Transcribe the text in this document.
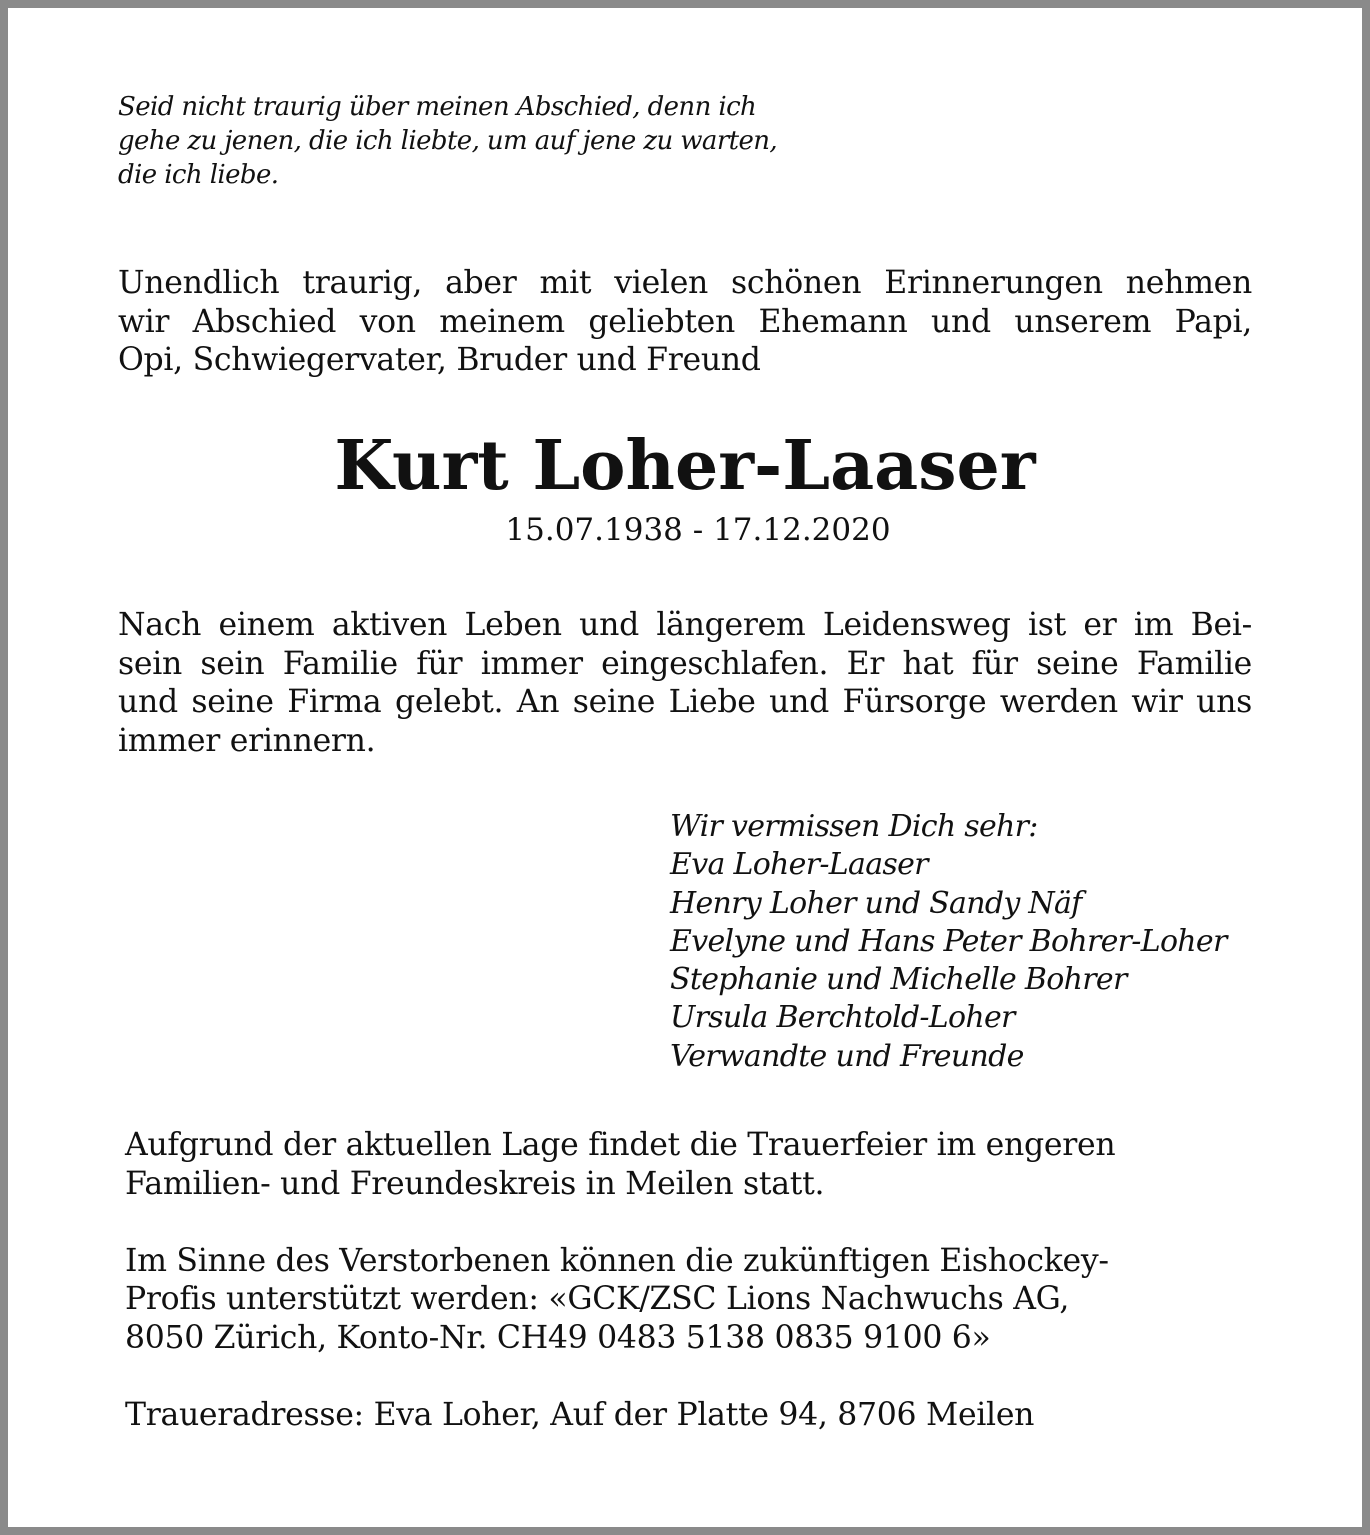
Seid nicht traurig über meinen Abschied, denn ich
gehe zu jenen, die ich liebte, um auf jene zu warten,
die ich liebe.
Unendlich traurig, aber mit vielen schönen Erinnerungen nehmen
wir Abschied von meinem geliebten Ehemann und unserem Papi,
Opi, Schwiegervater, Bruder und Freund
Kurt Loher-Laaser
15.07.1938 - 17.12.2020
Nach einem aktiven Leben und längerem Leidensweg ist er im Bei-
sein sein Familie für immer eingeschlafen. Er hat für seine Familie
und seine Firma gelebt. An seine Liebe und Fürsorge werden wir uns
immer erinnern.
Wir vermissen Dich sehr:
Eva Loher-Laaser
Henry Loher und Sandy Näf
Evelyne und Hans Peter Bohrer-Loher
Stephanie und Michelle Bohrer
Ursula Berchtold-Loher
Verwandte und Freunde
Aufgrund der aktuellen Lage findet die Trauerfeier im engeren
Familien- und Freundeskreis in Meilen statt.
Im Sinne des Verstorbenen können die zukünftigen Eishockey-
Profis unterstützt werden: «GCK/ZSC Lions Nachwuchs AG,
8050 Zürich, Konto-Nr. CH49 0483 5138 0835 9100 6»
Traueradresse: Eva Loher, Auf der Platte 94, 8706 Meilen
